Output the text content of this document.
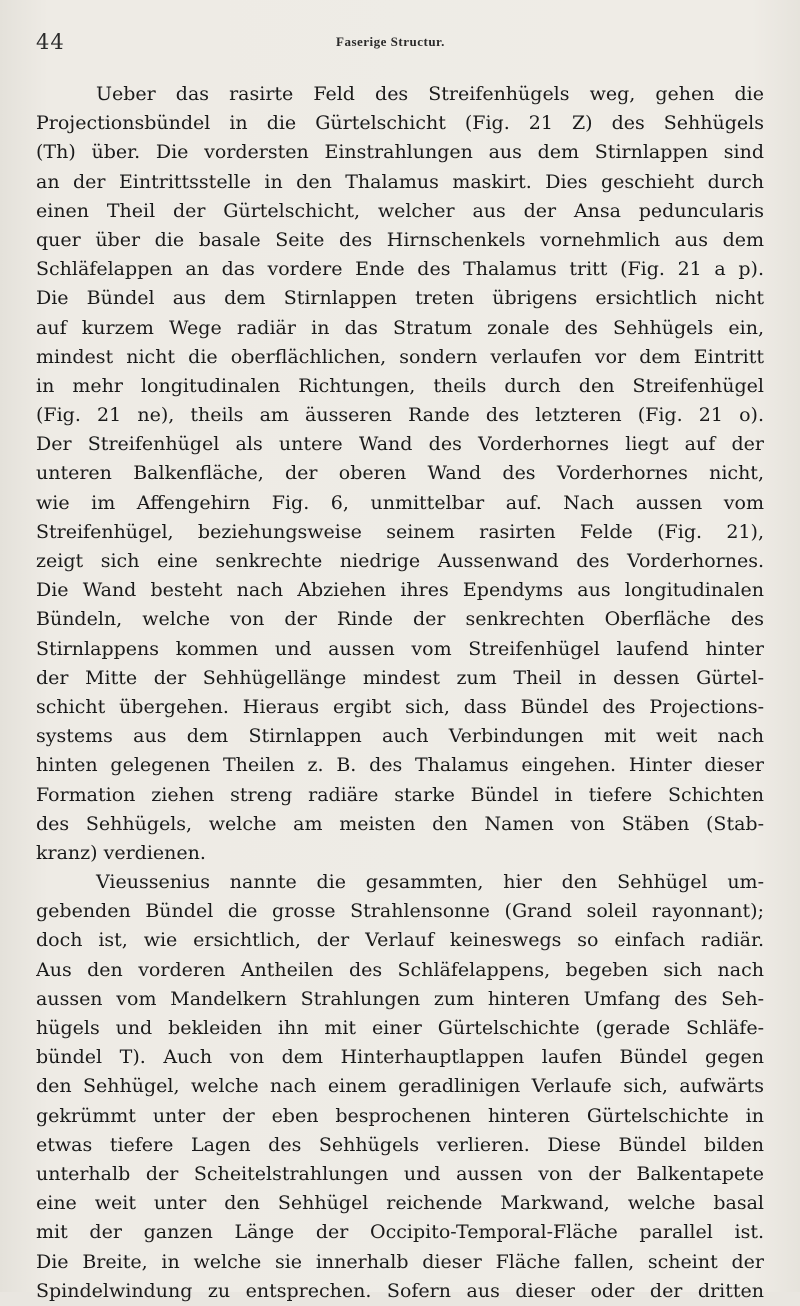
44	Faserige Structur.
Ueber das rasirte Feld des Streifenhügels weg, gehen die
Projectionsbündel in die Gürtelschicht (Fig. 21 Z) des Sehhügels
(Th) über. Die vordersten Einstrahlungen aus dem Stirnlappen sind
an der Eintrittsstelle in den Thalamus maskirt. Dies geschieht durch
einen Theil der Gürtelschicht, welcher aus der Ansa peduncularis
quer über die basale Seite des Hirnschenkels vornehmlich aus dem
Schläfelappen an das vordere Ende des Thalamus tritt (Fig. 21 a p).
Die Bündel aus dem Stirnlappen treten übrigens ersichtlich nicht
auf kurzem Wege radiär in das Stratum zonale des Sehhügels ein,
mindest nicht die oberflächlichen, sondern verlaufen vor dem Eintritt
in mehr longitudinalen Richtungen, theils durch den Streifenhügel
(Fig. 21 ne), theils am äusseren Rande des letzteren (Fig. 21 o).
Der Streifenhügel als untere Wand des Vorderhornes liegt auf der
unteren Balkenfläche, der oberen Wand des Vorderhornes nicht,
wie im Affengehirn Fig. 6, unmittelbar auf. Nach aussen vom
Streifenhügel, beziehungsweise seinem rasirten Felde (Fig. 21),
zeigt sich eine senkrechte niedrige Aussenwand des Vorderhornes.
Die Wand besteht nach Abziehen ihres Ependyms aus longitudinalen
Bündeln, welche von der Rinde der senkrechten Oberfläche des
Stirnlappens kommen und aussen vom Streifenhügel laufend hinter
der Mitte der Sehhügellänge mindest zum Theil in dessen Gürtel-
schicht übergehen. Hieraus ergibt sich, dass Bündel des Projections-
systems aus dem Stirnlappen auch Verbindungen mit weit nach
hinten gelegenen Theilen z. B. des Thalamus eingehen. Hinter dieser
Formation ziehen streng radiäre starke Bündel in tiefere Schichten
des Sehhügels, welche am meisten den Namen von Stäben (Stab-
kranz) verdienen.
Vieussenius nannte die gesammten, hier den Sehhügel um-
gebenden Bündel die grosse Strahlensonne (Grand soleil rayonnant);
doch ist, wie ersichtlich, der Verlauf keineswegs so einfach radiär.
Aus den vorderen Antheilen des Schläfelappens, begeben sich nach
aussen vom Mandelkern Strahlungen zum hinteren Umfang des Seh-
hügels und bekleiden ihn mit einer Gürtelschichte (gerade Schläfe-
bündel T). Auch von dem Hinterhauptlappen laufen Bündel gegen
den Sehhügel, welche nach einem geradlinigen Verlaufe sich, aufwärts
gekrümmt unter der eben besprochenen hinteren Gürtelschichte in
etwas tiefere Lagen des Sehhügels verlieren. Diese Bündel bilden
unterhalb der Scheitelstrahlungen und aussen von der Balkentapete
eine weit unter den Sehhügel reichende Markwand, welche basal
mit der ganzen Länge der Occipito-Temporal-Fläche parallel ist.
Die Breite, in welche sie innerhalb dieser Fläche fallen, scheint der
Spindelwindung zu entsprechen. Sofern aus dieser oder der dritten
